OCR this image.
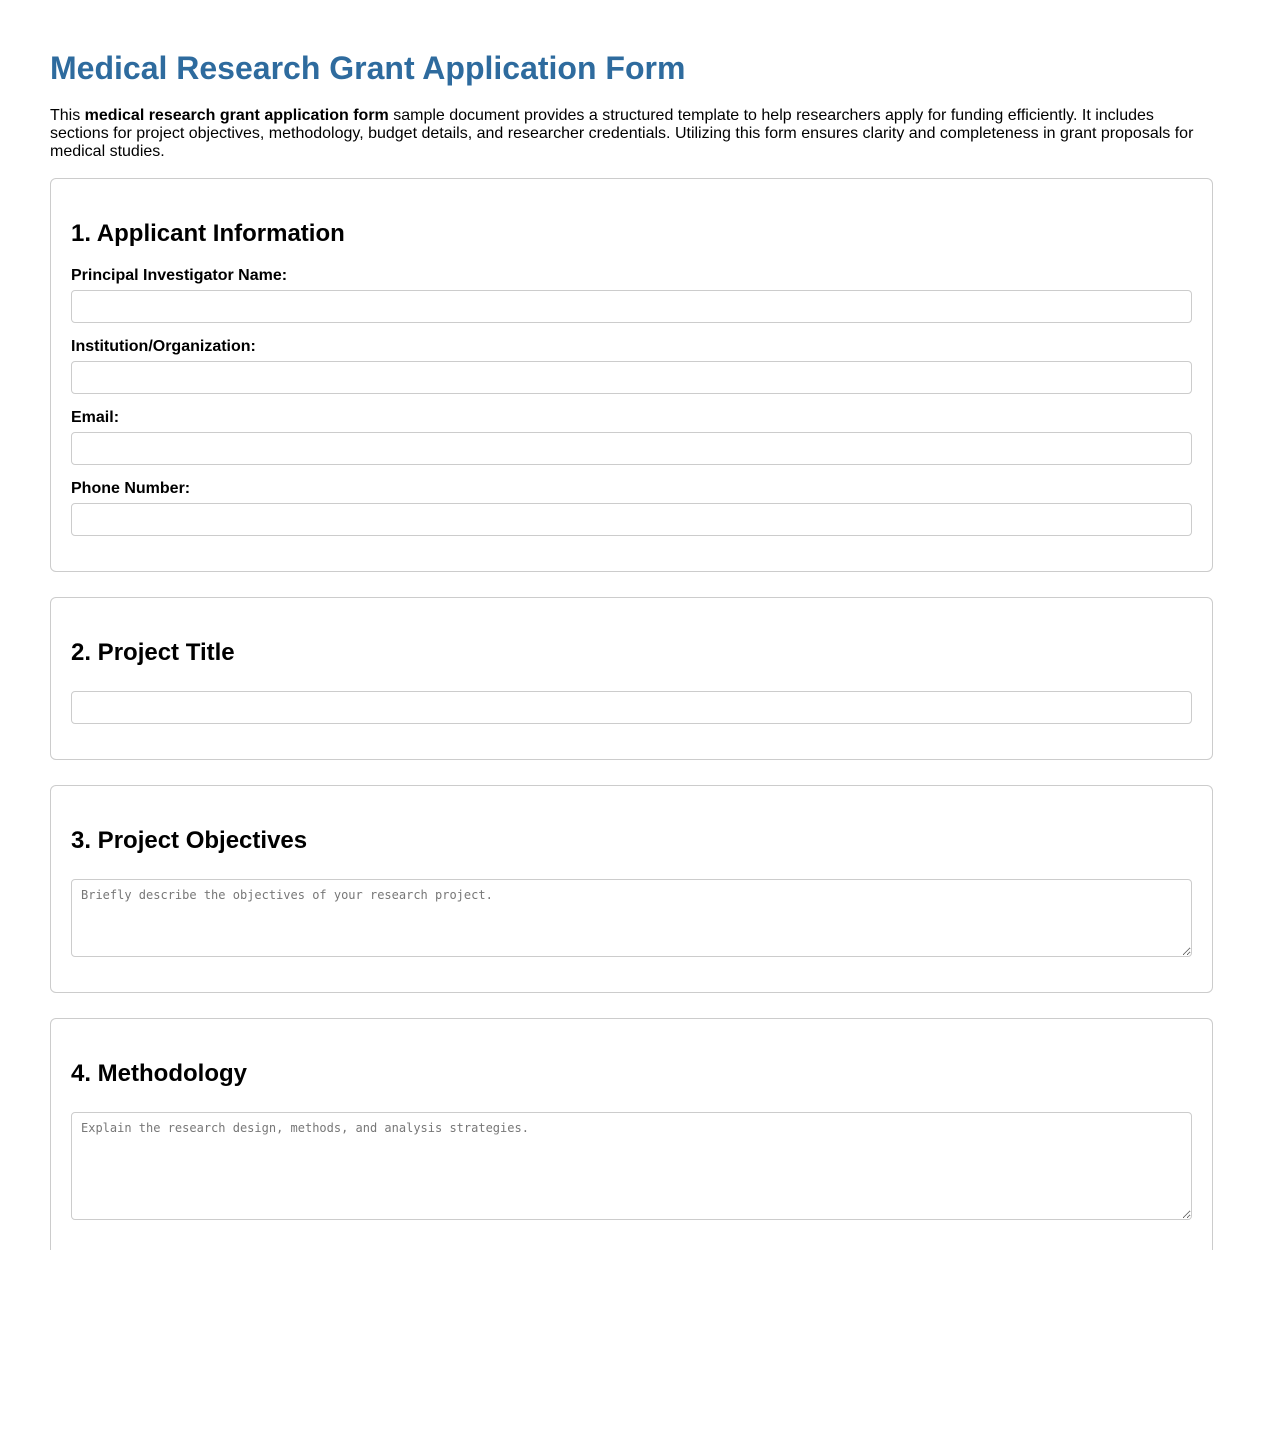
Medical Research Grant Application Form

This medical research grant application form sample document provides a structured template to help researchers apply for funding efficiently. It includes sections for project objectives, methodology, budget details, and researcher credentials. Utilizing this form ensures clarity and completeness in grant proposals for medical studies.

1. Applicant Information
Principal Investigator Name:
Institution/Organization:
Email:
Phone Number:
2. Project Title
3. Project Objectives
Briefly describe the objectives of your research project.
4. Methodology
Explain the research design, methods, and analysis strategies.
